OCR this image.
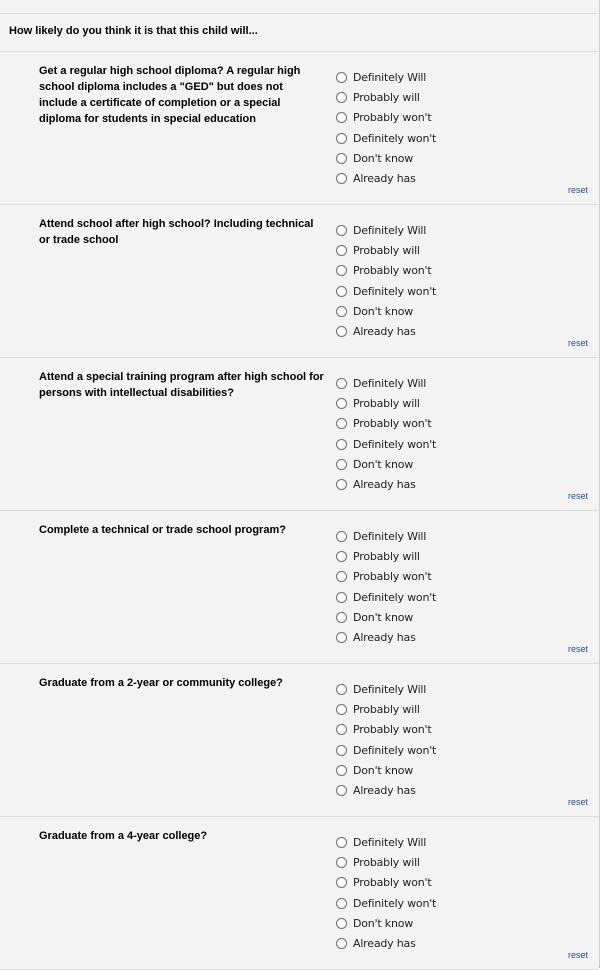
How likely do you think it is that this child will...
Get a regular high school diploma? A regular high school diploma includes a "GED" but does not include a certificate of completion or a special diploma for students in special education
Definitely Will
Probably will
Probably won't
Definitely won't
Don't know
Already has
reset
Attend school after high school? Including technical or trade school
Definitely Will
Probably will
Probably won't
Definitely won't
Don't know
Already has
reset
Attend a special training program after high school for persons with intellectual disabilities?
Definitely Will
Probably will
Probably won't
Definitely won't
Don't know
Already has
reset
Complete a technical or trade school program?	Definitely Will
Probably will
Probably won't
Definitely won't
Don't know
Already has
reset
Graduate from a 2-year or community college?	Definitely Will
Probably will
Probably won't
Definitely won't
Don't know
Already has
reset
Graduate from a 4-year college?	Definitely Will
Probably will
Probably won't
Definitely won't
Don't know
Already has
reset
